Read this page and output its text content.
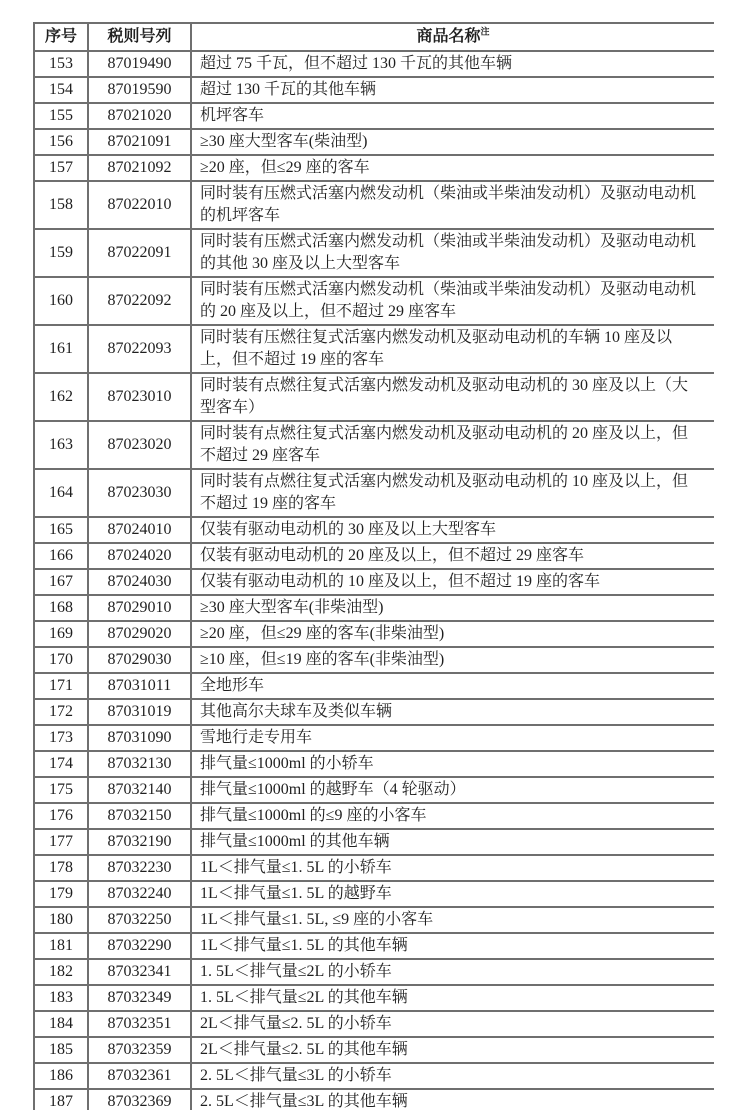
序号	税则号列	商品名称$^注$
153	87019490	超过 75 千瓦，但不超过 130 千瓦的其他车辆
154	87019590	超过 130 千瓦的其他车辆
155	87021020	机坪客车
156	87021091	≥30 座大型客车(柴油型)
157	87021092	≥20 座，但≤29 座的客车
158	87022010	同时装有压燃式活塞内燃发动机（柴油或半柴油发动机）及驱动电动机的机坪客车
159	87022091	同时装有压燃式活塞内燃发动机（柴油或半柴油发动机）及驱动电动机的其他 30 座及以上大型客车
160	87022092	同时装有压燃式活塞内燃发动机（柴油或半柴油发动机）及驱动电动机的 20 座及以上，但不超过 29 座客车
161	87022093	同时装有压燃往复式活塞内燃发动机及驱动电动机的车辆 10 座及以上，但不超过 19 座的客车
162	87023010	同时装有点燃往复式活塞内燃发动机及驱动电动机的 30 座及以上（大型客车）
163	87023020	同时装有点燃往复式活塞内燃发动机及驱动电动机的 20 座及以上，但不超过 29 座客车
164	87023030	同时装有点燃往复式活塞内燃发动机及驱动电动机的 10 座及以上，但不超过 19 座的客车
165	87024010	仅装有驱动电动机的 30 座及以上大型客车
166	87024020	仅装有驱动电动机的 20 座及以上，但不超过 29 座客车
167	87024030	仅装有驱动电动机的 10 座及以上，但不超过 19 座的客车
168	87029010	≥30 座大型客车(非柴油型)
169	87029020	≥20 座，但≤29 座的客车(非柴油型)
170	87029030	≥10 座，但≤19 座的客车(非柴油型)
171	87031011	全地形车
172	87031019	其他高尔夫球车及类似车辆
173	87031090	雪地行走专用车
174	87032130	排气量≤1000ml 的小轿车
175	87032140	排气量≤1000ml 的越野车（4 轮驱动）
176	87032150	排气量≤1000ml 的≤9 座的小客车
177	87032190	排气量≤1000ml 的其他车辆
178	87032230	1L＜排气量≤1. 5L 的小轿车
179	87032240	1L＜排气量≤1. 5L 的越野车
180	87032250	1L＜排气量≤1. 5L, ≤9 座的小客车
181	87032290	1L＜排气量≤1. 5L 的其他车辆
182	87032341	1. 5L＜排气量≤2L 的小轿车
183	87032349	1. 5L＜排气量≤2L 的其他车辆
184	87032351	2L＜排气量≤2. 5L 的小轿车
185	87032359	2L＜排气量≤2. 5L 的其他车辆
186	87032361	2. 5L＜排气量≤3L 的小轿车
187	87032369	2. 5L＜排气量≤3L 的其他车辆
